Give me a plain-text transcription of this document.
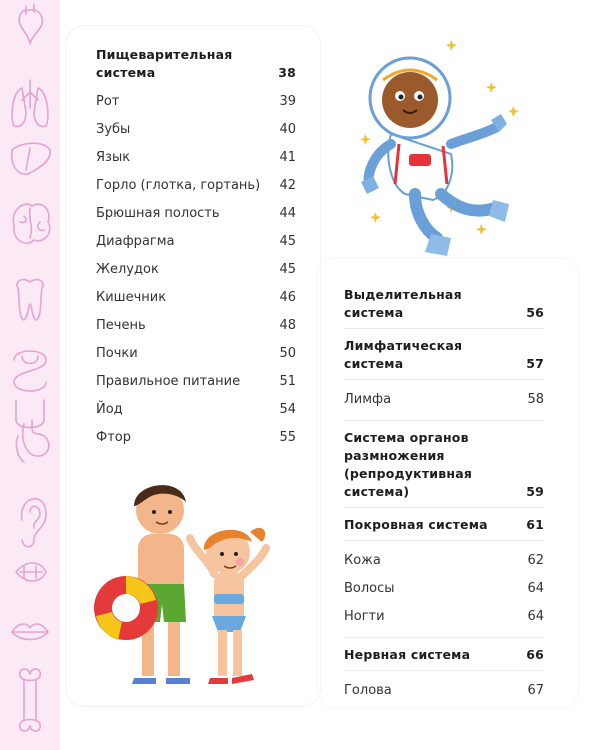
Пищеварительная
система	38
Рот	39
Зубы	40
Язык	41
Горло (глотка, гортань) 42
Брюшная полость	44
Диафрагма	45
Желудок	45
Кишечник	46
Печень	48
Почки	50
Правильное питание	51
Йод	54
Фтор	55
Выделительная
система	56
Лимфатическая
система	57
Лимфа	58
Система органов
размножения
(репродуктивная
система)	59
Покровная система	61
Кожа	62
Волосы	64
Ногти	64
Нервная система	66
Голова	67
